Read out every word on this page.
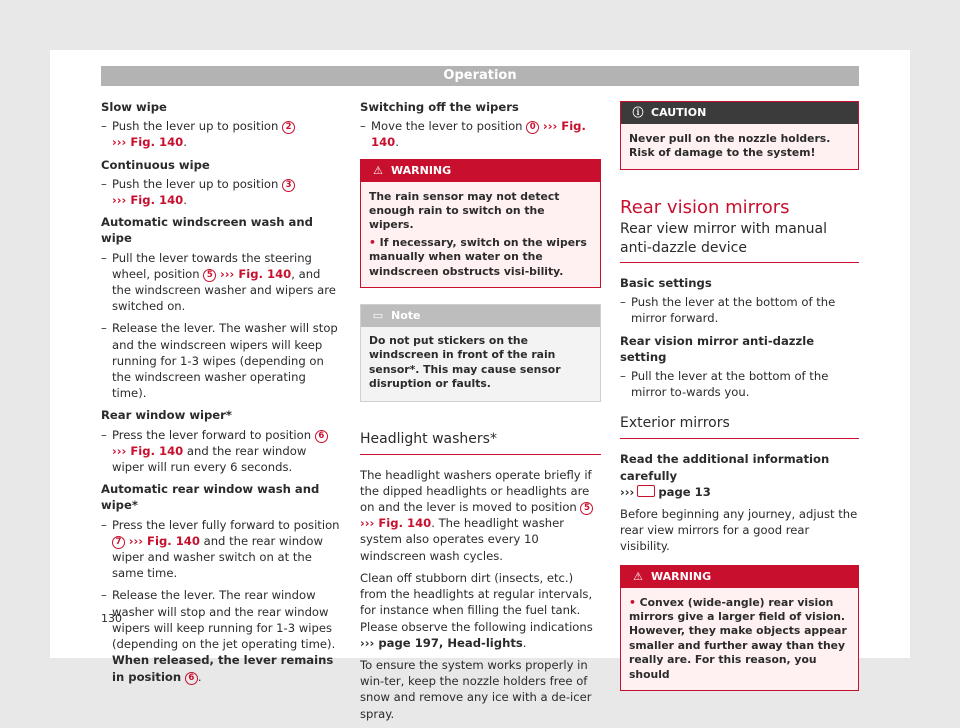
Operation
Slow wipe
– Push the lever up to position 2
››› Fig. 140.
Continuous wipe
– Push the lever up to position 3
››› Fig. 140.
Automatic windscreen wash and wipe
– Pull the lever towards the steering wheel, position 5 ››› Fig. 140, and the windscreen washer and wipers are switched on.
– Release the lever. The washer will stop and the windscreen wipers will keep running for 1-3 wipes (depending on the windscreen washer operating time).
Rear window wiper*
– Press the lever forward to position 6 ››› Fig. 140 and the rear window wiper will run every 6 seconds.
Automatic rear window wash and wipe*
– Press the lever fully forward to position 7 ››› Fig. 140 and the rear window wiper and washer switch on at the same time.
– Release the lever. The rear window washer will stop and the rear window wipers will keep running for 1-3 wipes (depending on the jet operating time). When released, the lever remains in position 6 .
Switching off the wipers
– Move the lever to position 0 ››› Fig. 140.
⚠ WARNING
The rain sensor may not detect enough rain to switch on the wipers.
• If necessary, switch on the wipers manually when water on the windscreen obstructs visi-bility.
▭ Note
Do not put stickers on the windscreen in front of the rain sensor*. This may cause sensor disruption or faults.
Headlight washers*
The headlight washers operate briefly if the dipped headlights or headlights are on and the lever is moved to position 5 ››› Fig. 140. The headlight washer system also operates every 10 windscreen wash cycles.
Clean off stubborn dirt (insects, etc.) from the headlights at regular intervals, for instance when filling the fuel tank. Please observe the following indications ››› page 197, Head-lights.
To ensure the system works properly in win-ter, keep the nozzle holders free of snow and remove any ice with a de-icer spray.
ⓘ CAUTION
Never pull on the nozzle holders. Risk of damage to the system!
Rear vision mirrors
Rear view mirror with manual anti-dazzle device
Basic settings
– Push the lever at the bottom of the mirror forward.
Rear vision mirror anti-dazzle setting
– Pull the lever at the bottom of the mirror to-wards you.
Exterior mirrors
Read the additional information carefully
››› page 13
Before beginning any journey, adjust the rear view mirrors for a good rear visibility.
⚠ WARNING
• Convex (wide-angle) rear vision mirrors give a larger field of vision. However, they make objects appear smaller and further away than they really are. For this reason, you should
130
